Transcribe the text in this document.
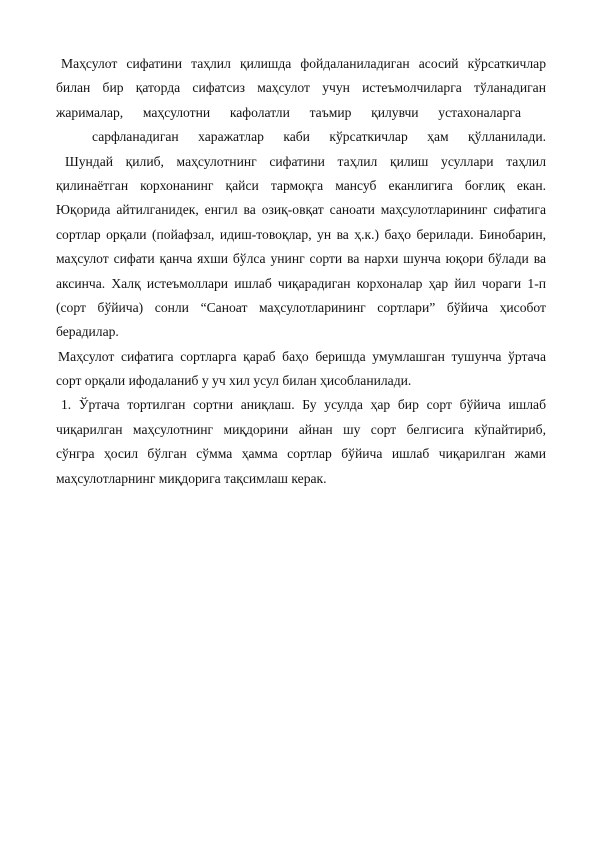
Маҳсулот сифатини таҳлил қилишда фойдаланиладиган асосий кўрсаткичлар
билан бир қаторда сифатсиз маҳсулот учун истеъмолчиларга тўланадиган
жарималар, маҳсулотни кафолатли таъмир қилувчи устахоналарга
сарфланадиган харажатлар каби кўрсаткичлар ҳам қўлланилади.
Шундай қилиб, маҳсулотнинг сифатини таҳлил қилиш усуллари таҳлил
қилинаётган корхонанинг қайси тармоқга мансуб еканлигига боғлиқ екан.
Юқорида айтилганидек, енгил ва озиқ-овқат саноати маҳсулотларининг сифатига
сортлар орқали (пойафзал, идиш-товоқлар, ун ва ҳ.к.) баҳо берилади. Бинобарин,
маҳсулот сифати қанча яхши бўлса унинг сорти ва нархи шунча юқори бўлади ва
аксинча. Халқ истеъмоллари ишлаб чиқарадиган корхоналар ҳар йил чораги 1-п
(сорт бўйича) сонли “Саноат маҳсулотларининг сортлари” бўйича ҳисобот
берадилар.
Маҳсулот сифатига сортларга қараб баҳо беришда умумлашган тушунча ўртача
сорт орқали ифодаланиб у уч хил усул билан ҳисобланилади.
1. Ўртача тортилган сортни аниқлаш. Бу усулда ҳар бир сорт бўйича ишлаб
чиқарилган маҳсулотнинг миқдорини айнан шу сорт белгисига кўпайтириб,
сўнгра ҳосил бўлган сўмма ҳамма сортлар бўйича ишлаб чиқарилган жами
маҳсулотларнинг миқдорига тақсимлаш керак.
